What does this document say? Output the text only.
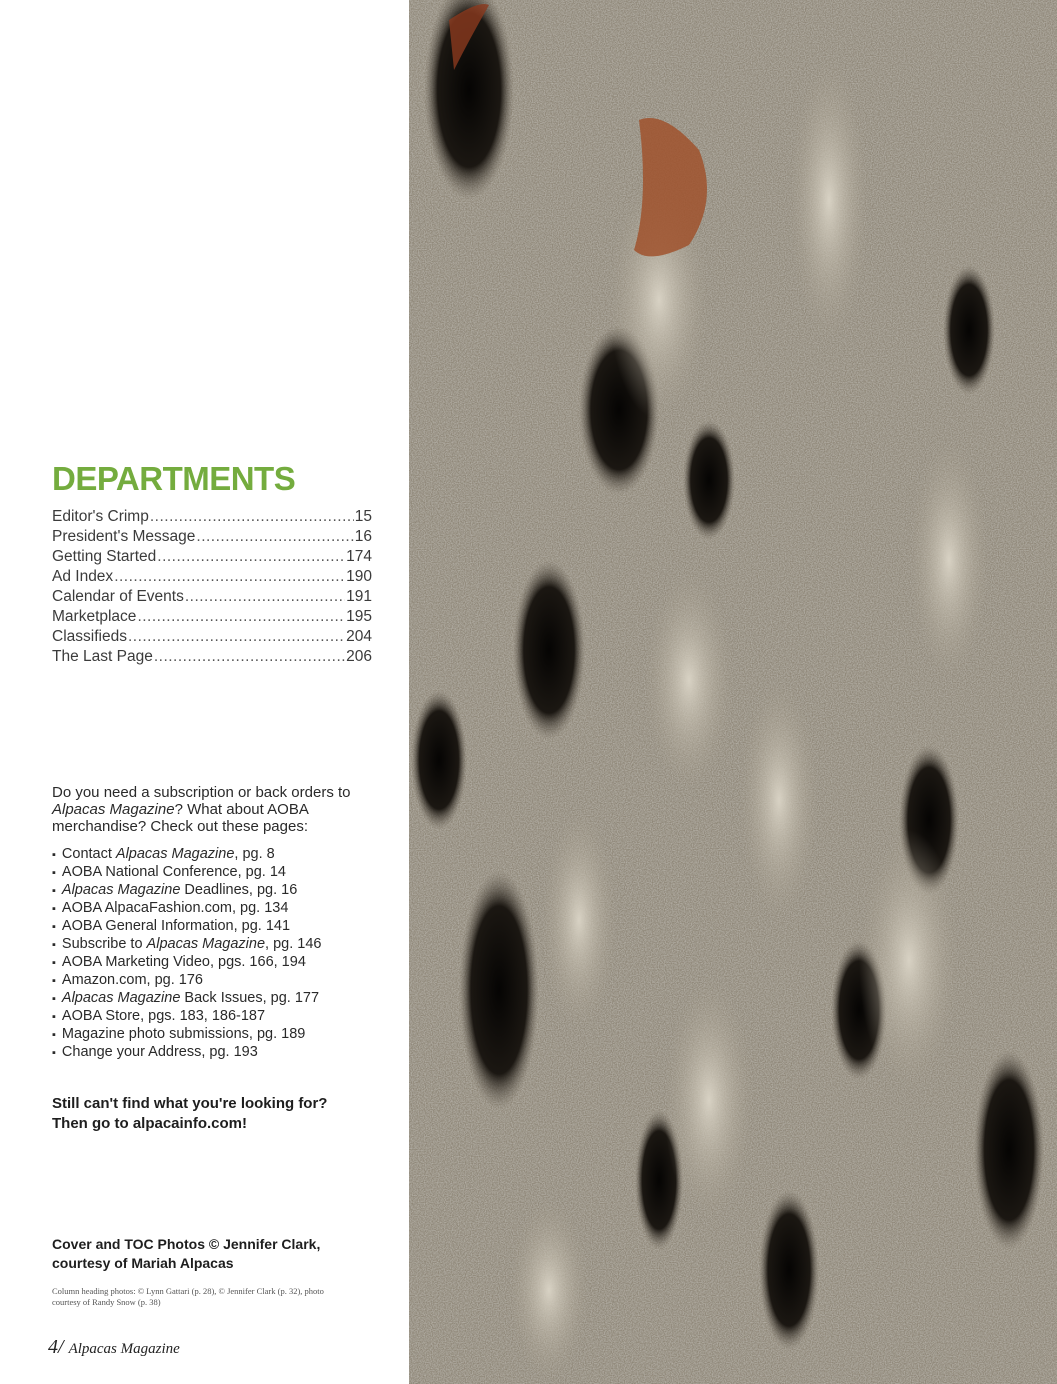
DEPARTMENTS
Editor's Crimp .....	15
President's Message .....	16
Getting Started .....	174
Ad Index .....	190
Calendar of Events .....	191
Marketplace .....	195
Classifieds .....	204
The Last Page .....	206

Do you need a subscription or back orders to Alpacas Magazine? What about AOBA merchandise? Check out these pages:

▪ Contact Alpacas Magazine, pg. 8
▪ AOBA National Conference, pg. 14
▪ Alpacas Magazine Deadlines, pg. 16
▪ AOBA AlpacaFashion.com, pg. 134
▪ AOBA General Information, pg. 141
▪ Subscribe to Alpacas Magazine, pg. 146
▪ AOBA Marketing Video, pgs. 166, 194
▪ Amazon.com, pg. 176
▪ Alpacas Magazine Back Issues, pg. 177
▪ AOBA Store, pgs. 183, 186-187
▪ Magazine photo submissions, pg. 189
▪ Change your Address, pg. 193

Still can't find what you're looking for?
Then go to alpacainfo.com!

Cover and TOC Photos © Jennifer Clark,
courtesy of Mariah Alpacas

Column heading photos: © Lynn Gattari (p. 28), © Jennifer Clark (p. 32), photo courtesy of Randy Snow (p. 38)

4/ Alpacas Magazine
